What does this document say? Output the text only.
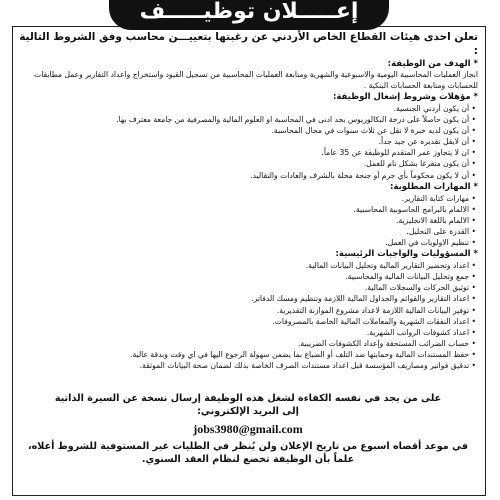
إعـــــلان توظيـــــف

تعلن احدى هيئات القطاع الخاص الأردني عن رغبتها بتعييـــن محاسب وفق الشروط التالية :

* الهدف من الوظيفة:

انجاز العمليات المحاسبية اليومية والاسبوعية والشهرية ومتابعة العمليات المحاسبية من تسجيل القيود واستخراج واعداد التقارير وعمل مطابقات للحسابات ومتابعة الحسابات البنكية .

* مؤهلات وشروط إشغال الوظيفة:

• أن يكون أردني الجنسية.
• أن يكون حاصلاً على درجة البكالوريوس بحد ادنى في المحاسبة او العلوم المالية والمصرفية من جامعة معترف بها.
• أن يكون لديه خبرة لا تقل عن ثلاث سنوات في مجال المحاسبة.
• أن لايقل تقديره عن جيد جداً.
• ان لا يتجاوز عمر المتقدم للوظيفة عن 35 عاماً.
• أن يكون متفرغا بشكل تام للعمل.
• أن لا يكون محكوماً بأي جرم أو جنحة مخلة بالشرف والعادات والتقاليد.

* المهارات المطلوبة:

• مهارات كتابة التقارير.
• الالمام بالبرامج الحاسوبية المحاسبية.
• الالمام باللغة الانجليزية.
• القدرة على التحليل.
• تنظيم الاولويات في العمل.

* المسؤوليات والواجبات الرئيسية:

• اعداد وتحضير التقارير المالية وتحليل البيانات المالية.
• جمع وتحليل البيانات المالية والمحاسبية.
• توثيق الحركات والسجلات المالية.
• اعداد التقارير والقوائم والجداول المالية اللازمة وتنظيم ومسك الدفاتر.
• توفير البيانات المالية اللازمة لاعداد مشروع الموازنة التقديرية.
• اعداد النفقات الشهرية والمعاملات المالية الخاصة بالمصروفات.
• اعداد كشوفات الرواتب الشهرية.
• حساب الضرائب المستحقة وإعداد الكشوفات الضريبية.
• حفظ المستندات المالية وحمايتها ضد التلف أو الضياع بما يضمن سهولة الرجوع اليها في اي وقت وبدقة عالية.
• تدقيق فواتير ومصاريف المؤسسة قبل اعداد مستندات الصرف الخاصة بذلك لضمان صحة البيانات الموثقة.

على من يجد في نفسه الكفاءة لشغل هذه الوظيفة إرسال نسخة عن السيرة الذاتية

إلى البريد الإلكتروني:

jobs3980@gmail.com

في موعد أقصاه اسبوع من تاريخ الإعلان ولن يُنظر في الطلبات غير المستوفية للشروط أعلاه،

علماً بأن الوظيفة تخضع لنظام العقد السنوي.
